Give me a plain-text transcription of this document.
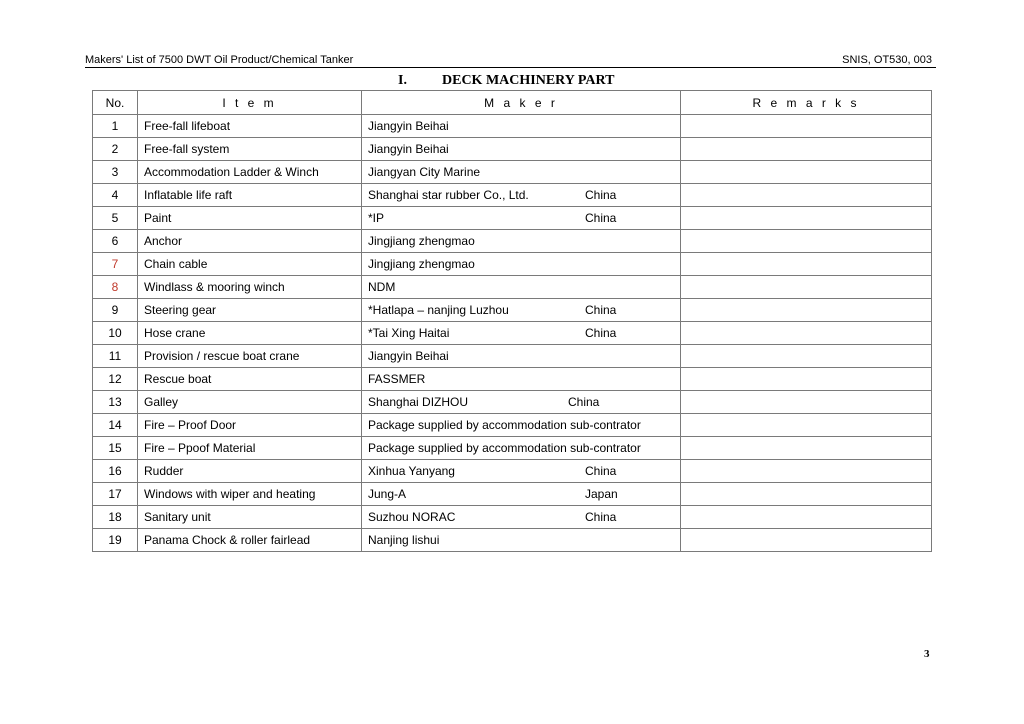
Makers' List of 7500 DWT Oil Product/Chemical Tanker	SNIS, OT530, 003
I.	DECK MACHINERY PART
No.	I t e m	M a k e r	R e m a r k s
1	Free-fall lifeboat	Jiangyin Beihai	

2	Free-fall system	Jiangyin Beihai	

3	Accommodation Ladder & Winch	Jiangyan City Marine	

4	Inflatable life raft	Shanghai star rubber Co., Ltd. China	

5	Paint	*IP China	

6	Anchor	Jingjiang zhengmao	

7	Chain cable	Jingjiang zhengmao	

8	Windlass & mooring winch	NDM	

9	Steering gear	*Hatlapa – nanjing Luzhou China	

10	Hose crane	*Tai Xing Haitai China	

11	Provision / rescue boat crane	Jiangyin Beihai	

12	Rescue boat	FASSMER	

13	Galley	Shanghai DIZHOU China	

14	Fire – Proof Door	Package supplied by accommodation sub-contrator	

15	Fire – Ppoof Material	Package supplied by accommodation sub-contrator	

16	Rudder	Xinhua Yanyang China	

17	Windows with wiper and heating	Jung-A Japan	

18	Sanitary unit	Suzhou NORAC China	

19	Panama Chock & roller fairlead	Nanjing lishui	

3
